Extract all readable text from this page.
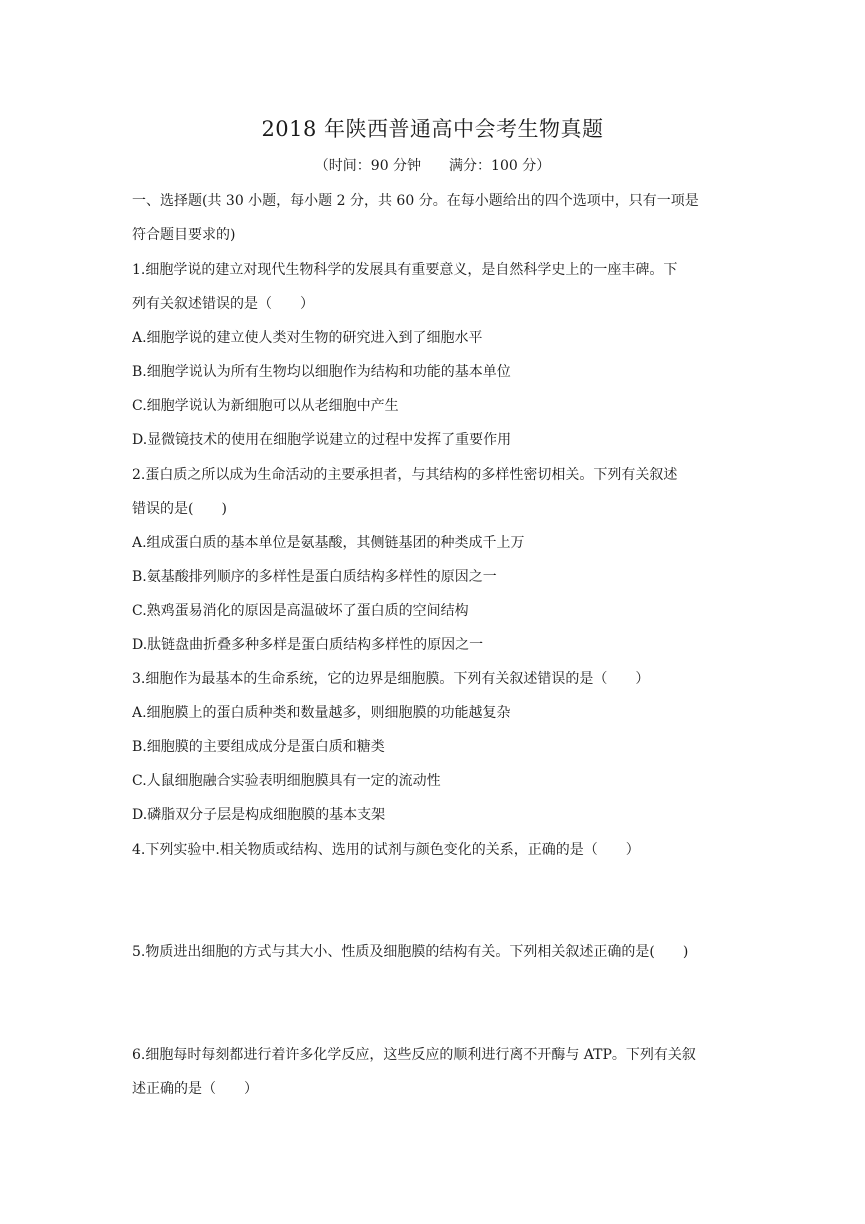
2018 年陕西普通高中会考生物真题
（时间：90 分钟 满分：100 分）
一、选择题(共 30 小题，每小题 2 分，共 60 分。在每小题给出的四个选项中，只有一项是
符合题目要求的)
1.细胞学说的建立对现代生物科学的发展具有重要意义，是自然科学史上的一座丰碑。下
列有关叙述错误的是（　　）
A.细胞学说的建立使人类对生物的研究进入到了细胞水平
B.细胞学说认为所有生物均以细胞作为结构和功能的基本单位
C.细胞学说认为新细胞可以从老细胞中产生
D.显微镜技术的使用在细胞学说建立的过程中发挥了重要作用
2.蛋白质之所以成为生命活动的主要承担者，与其结构的多样性密切相关。下列有关叙述
错误的是(　　)
A.组成蛋白质的基本单位是氨基酸，其侧链基团的种类成千上万
B.氨基酸排列顺序的多样性是蛋白质结构多样性的原因之一
C.熟鸡蛋易消化的原因是高温破坏了蛋白质的空间结构
D.肽链盘曲折叠多种多样是蛋白质结构多样性的原因之一
3.细胞作为最基本的生命系统，它的边界是细胞膜。下列有关叙述错误的是（　　）
A.细胞膜上的蛋白质种类和数量越多，则细胞膜的功能越复杂
B.细胞膜的主要组成成分是蛋白质和糖类
C.人鼠细胞融合实验表明细胞膜具有一定的流动性
D.磷脂双分子层是构成细胞膜的基本支架
4.下列实验中.相关物质或结构、选用的试剂与颜色变化的关系，正确的是（　　）
5.物质进出细胞的方式与其大小、性质及细胞膜的结构有关。下列相关叙述正确的是(　　)
6.细胞每时每刻都进行着许多化学反应，这些反应的顺利进行离不开酶与 ATP。下列有关叙
述正确的是（　　）
